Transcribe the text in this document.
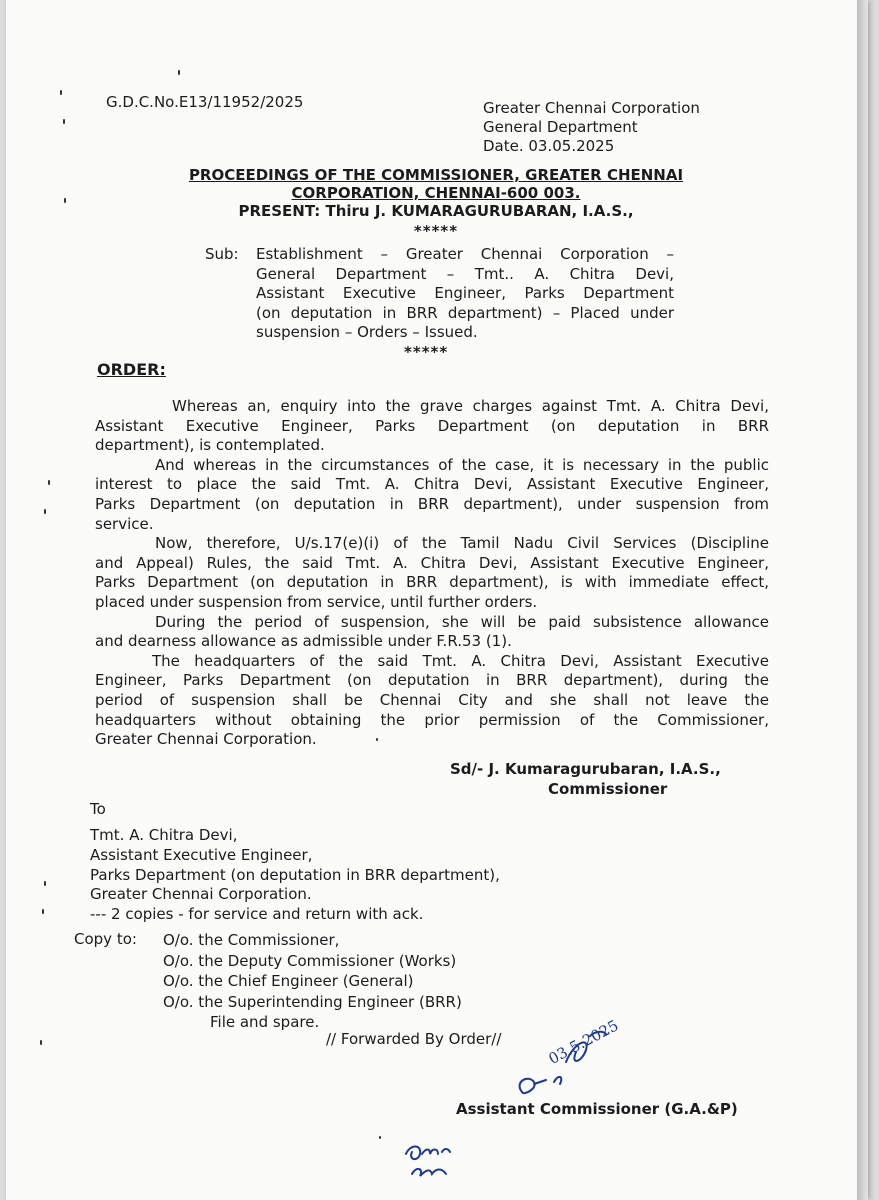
G.D.C.No.E13/11952/2025	Greater Chennai Corporation
General Department
Date. 03.05.2025
PROCEEDINGS OF THE COMMISSIONER, GREATER CHENNAI
CORPORATION, CHENNAI-600 003.
PRESENT: Thiru J. KUMARAGURUBARAN, I.A.S.,
*****
Sub: Establishment – Greater Chennai Corporation –
General Department – Tmt.. A. Chitra Devi,
Assistant Executive Engineer, Parks Department
(on deputation in BRR department) – Placed under
suspension – Orders – Issued.
*****
ORDER:
Whereas an, enquiry into the grave charges against Tmt. A. Chitra Devi,
Assistant Executive Engineer, Parks Department (on deputation in BRR
department), is contemplated.
And whereas in the circumstances of the case, it is necessary in the public
interest to place the said Tmt. A. Chitra Devi, Assistant Executive Engineer,
Parks Department (on deputation in BRR department), under suspension from
service.
Now, therefore, U/s.17(e)(i) of the Tamil Nadu Civil Services (Discipline
and Appeal) Rules, the said Tmt. A. Chitra Devi, Assistant Executive Engineer,
Parks Department (on deputation in BRR department), is with immediate effect,
placed under suspension from service, until further orders.
During the period of suspension, she will be paid subsistence allowance
and dearness allowance as admissible under F.R.53 (1).
The headquarters of the said Tmt. A. Chitra Devi, Assistant Executive
Engineer, Parks Department (on deputation in BRR department), during the
period of suspension shall be Chennai City and she shall not leave the
headquarters without obtaining the prior permission of the Commissioner,
Greater Chennai Corporation.
Sd/- J. Kumaragurubaran, I.A.S.,
Commissioner
To
Tmt. A. Chitra Devi,
Assistant Executive Engineer,
Parks Department (on deputation in BRR department),
Greater Chennai Corporation.
--- 2 copies - for service and return with ack.
Copy to: O/o. the Commissioner,
O/o. the Deputy Commissioner (Works)
O/o. the Chief Engineer (General)
O/o. the Superintending Engineer (BRR)
File and spare.
// Forwarded By Order//	03.5.2025
Assistant Commissioner (G.A.&P)
